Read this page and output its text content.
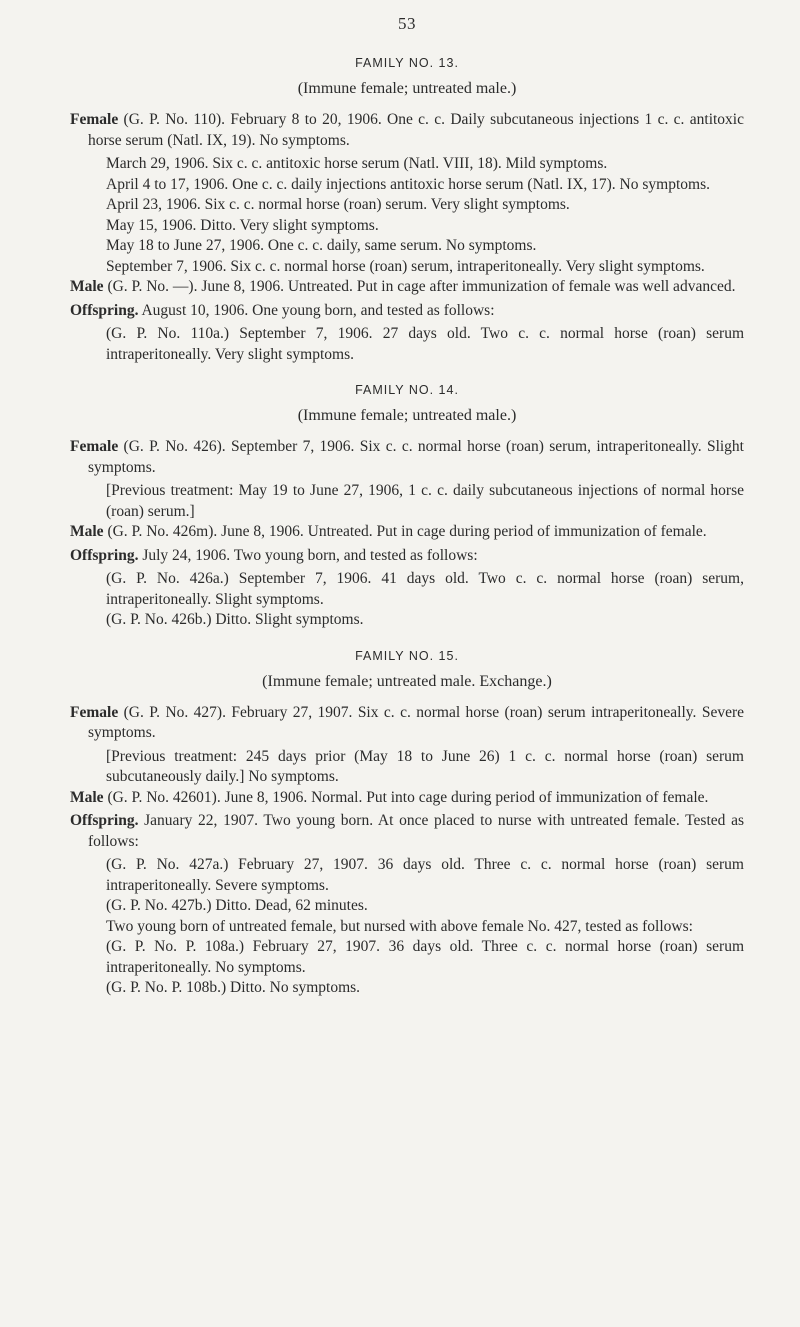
53
FAMILY NO. 13.
(Immune female; untreated male.)

Female (G. P. No. 110). February 8 to 20, 1906. One c. c. Daily subcutaneous injections 1 c. c. antitoxic horse serum (Natl. IX, 19). No symptoms.

March 29, 1906. Six c. c. antitoxic horse serum (Natl. VIII, 18). Mild symptoms.

April 4 to 17, 1906. One c. c. daily injections antitoxic horse serum (Natl. IX, 17). No symptoms.

April 23, 1906. Six c. c. normal horse (roan) serum. Very slight symptoms.

May 15, 1906. Ditto. Very slight symptoms.

May 18 to June 27, 1906. One c. c. daily, same serum. No symptoms.

September 7, 1906. Six c. c. normal horse (roan) serum, intraperitoneally. Very slight symptoms.

Male (G. P. No. —). June 8, 1906. Untreated. Put in cage after immunization of female was well advanced.

Offspring. August 10, 1906. One young born, and tested as follows:

(G. P. No. 110a.) September 7, 1906. 27 days old. Two c. c. normal horse (roan) serum intraperitoneally. Very slight symptoms.

FAMILY NO. 14.
(Immune female; untreated male.)

Female (G. P. No. 426). September 7, 1906. Six c. c. normal horse (roan) serum, intraperitoneally. Slight symptoms.

[Previous treatment: May 19 to June 27, 1906, 1 c. c. daily subcutaneous injections of normal horse (roan) serum.]

Male (G. P. No. 426m). June 8, 1906. Untreated. Put in cage during period of immunization of female.

Offspring. July 24, 1906. Two young born, and tested as follows:

(G. P. No. 426a.) September 7, 1906. 41 days old. Two c. c. normal horse (roan) serum, intraperitoneally. Slight symptoms.

(G. P. No. 426b.) Ditto. Slight symptoms.

FAMILY NO. 15.
(Immune female; untreated male. Exchange.)

Female (G. P. No. 427). February 27, 1907. Six c. c. normal horse (roan) serum intraperitoneally. Severe symptoms.

[Previous treatment: 245 days prior (May 18 to June 26) 1 c. c. normal horse (roan) serum subcutaneously daily.] No symptoms.

Male (G. P. No. 42601). June 8, 1906. Normal. Put into cage during period of immunization of female.

Offspring. January 22, 1907. Two young born. At once placed to nurse with untreated female. Tested as follows:

(G. P. No. 427a.) February 27, 1907. 36 days old. Three c. c. normal horse (roan) serum intraperitoneally. Severe symptoms.

(G. P. No. 427b.) Ditto. Dead, 62 minutes.

Two young born of untreated female, but nursed with above female No. 427, tested as follows:

(G. P. No. P. 108a.) February 27, 1907. 36 days old. Three c. c. normal horse (roan) serum intraperitoneally. No symptoms.

(G. P. No. P. 108b.) Ditto. No symptoms.
